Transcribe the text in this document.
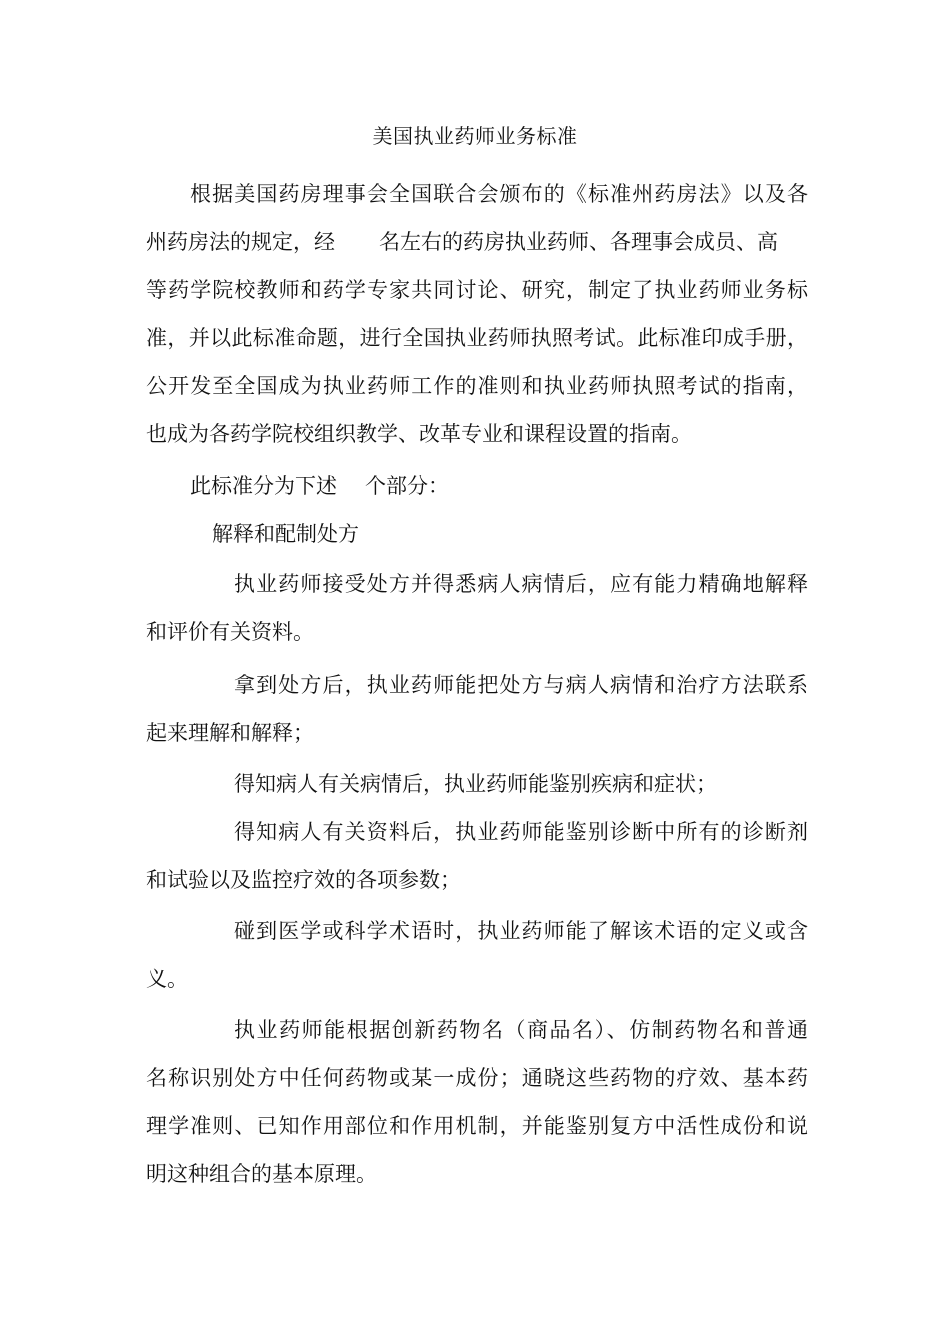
美国执业药师业务标准
根据美国药房理事会全国联合会颁布的《标准州药房法》以及各
州药房法的规定，经 名左右的药房执业药师、各理事会成员、高
等药学院校教师和药学专家共同讨论、研究，制定了执业药师业务标
准，并以此标准命题，进行全国执业药师执照考试。此标准印成手册，
公开发至全国成为执业药师工作的准则和执业药师执照考试的指南，
也成为各药学院校组织教学、改革专业和课程设置的指南。
此标准分为下述 个部分：
解释和配制处方
执业药师接受处方并得悉病人病情后，应有能力精确地解释
和评价有关资料。
拿到处方后，执业药师能把处方与病人病情和治疗方法联系
起来理解和解释；
得知病人有关病情后，执业药师能鉴别疾病和症状；
得知病人有关资料后，执业药师能鉴别诊断中所有的诊断剂
和试验以及监控疗效的各项参数；
碰到医学或科学术语时，执业药师能了解该术语的定义或含
义。
执业药师能根据创新药物名（商品名）、仿制药物名和普通
名称识别处方中任何药物或某一成份；通晓这些药物的疗效、基本药
理学准则、已知作用部位和作用机制，并能鉴别复方中活性成份和说
明这种组合的基本原理。
